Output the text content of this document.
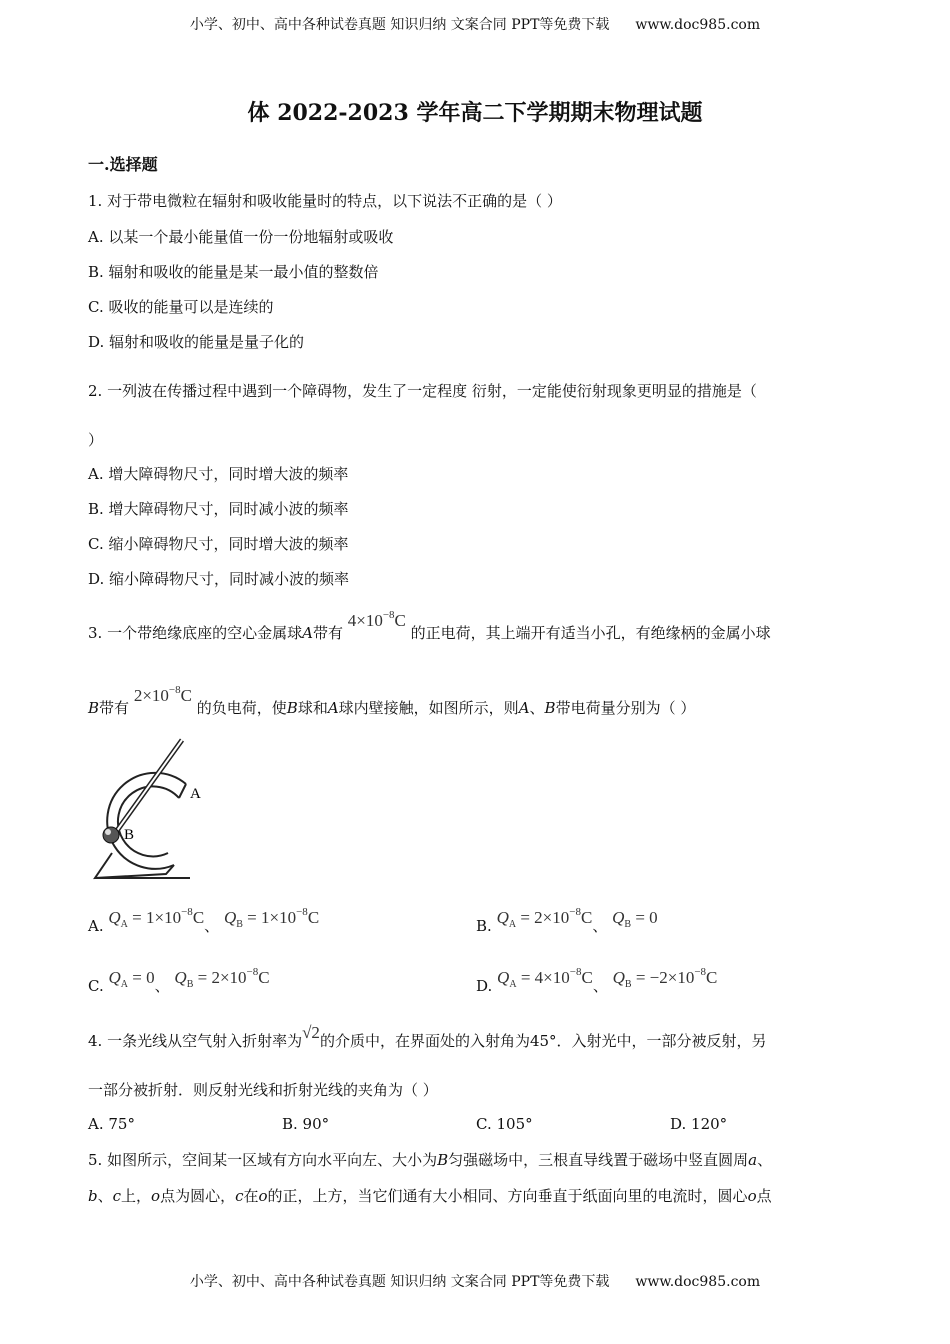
小学、初中、高中各种试卷真题 知识归纳 文案合同 PPT等免费下载 www.doc985.com
体 2022-2023 学年高二下学期期末物理试题
一.选择题
1. 对于带电微粒在辐射和吸收能量时的特点，以下说法不正确的是（ ）
A. 以某一个最小能量值一份一份地辐射或吸收
B. 辐射和吸收的能量是某一最小值的整数倍
C. 吸收的能量可以是连续的
D. 辐射和吸收的能量是量子化的
2. 一列波在传播过程中遇到一个障碍物，发生了一定程度 衍射，一定能使衍射现象更明显的措施是（
）
A. 增大障碍物尺寸，同时增大波的频率
B. 增大障碍物尺寸，同时减小波的频率
C. 缩小障碍物尺寸，同时增大波的频率
D. 缩小障碍物尺寸，同时减小波的频率
3. 一个带绝缘底座的空心金属球A带有 $4\times 10^{-8}C$ 的正电荷，其上端开有适当小孔，有绝缘柄的金属小球
B带有 $2\times 10^{-8}C$ 的负电荷，使B球和A球内壁接触，如图所示，则A、B带电荷量分别为（ ）
A
B
A. $Q_A = 1\times 10^{-8}C$、 $Q_B = 1\times 10^{-8}C$	B. $Q_A = 2\times 10^{-8}C$、 $Q_B = 0$
C. $Q_A = 0$、 $Q_B = 2\times 10^{-8}C$	D. $Q_A = 4\times 10^{-8}C$、 $Q_B = -2\times 10^{-8}C$
4. 一条光线从空气射入折射率为√2的介质中，在界面处的入射角为45°．入射光中，一部分被反射，另
一部分被折射．则反射光线和折射光线的夹角为（ ）
A. 75°	B. 90°	C. 105°	D. 120°
5. 如图所示，空间某一区域有方向水平向左、大小为B匀强磁场中，三根直导线置于磁场中竖直圆周a、
b、c上，o点为圆心，c在o的正，上方，当它们通有大小相同、方向垂直于纸面向里的电流时，圆心o点
小学、初中、高中各种试卷真题 知识归纳 文案合同 PPT等免费下载 www.doc985.com
